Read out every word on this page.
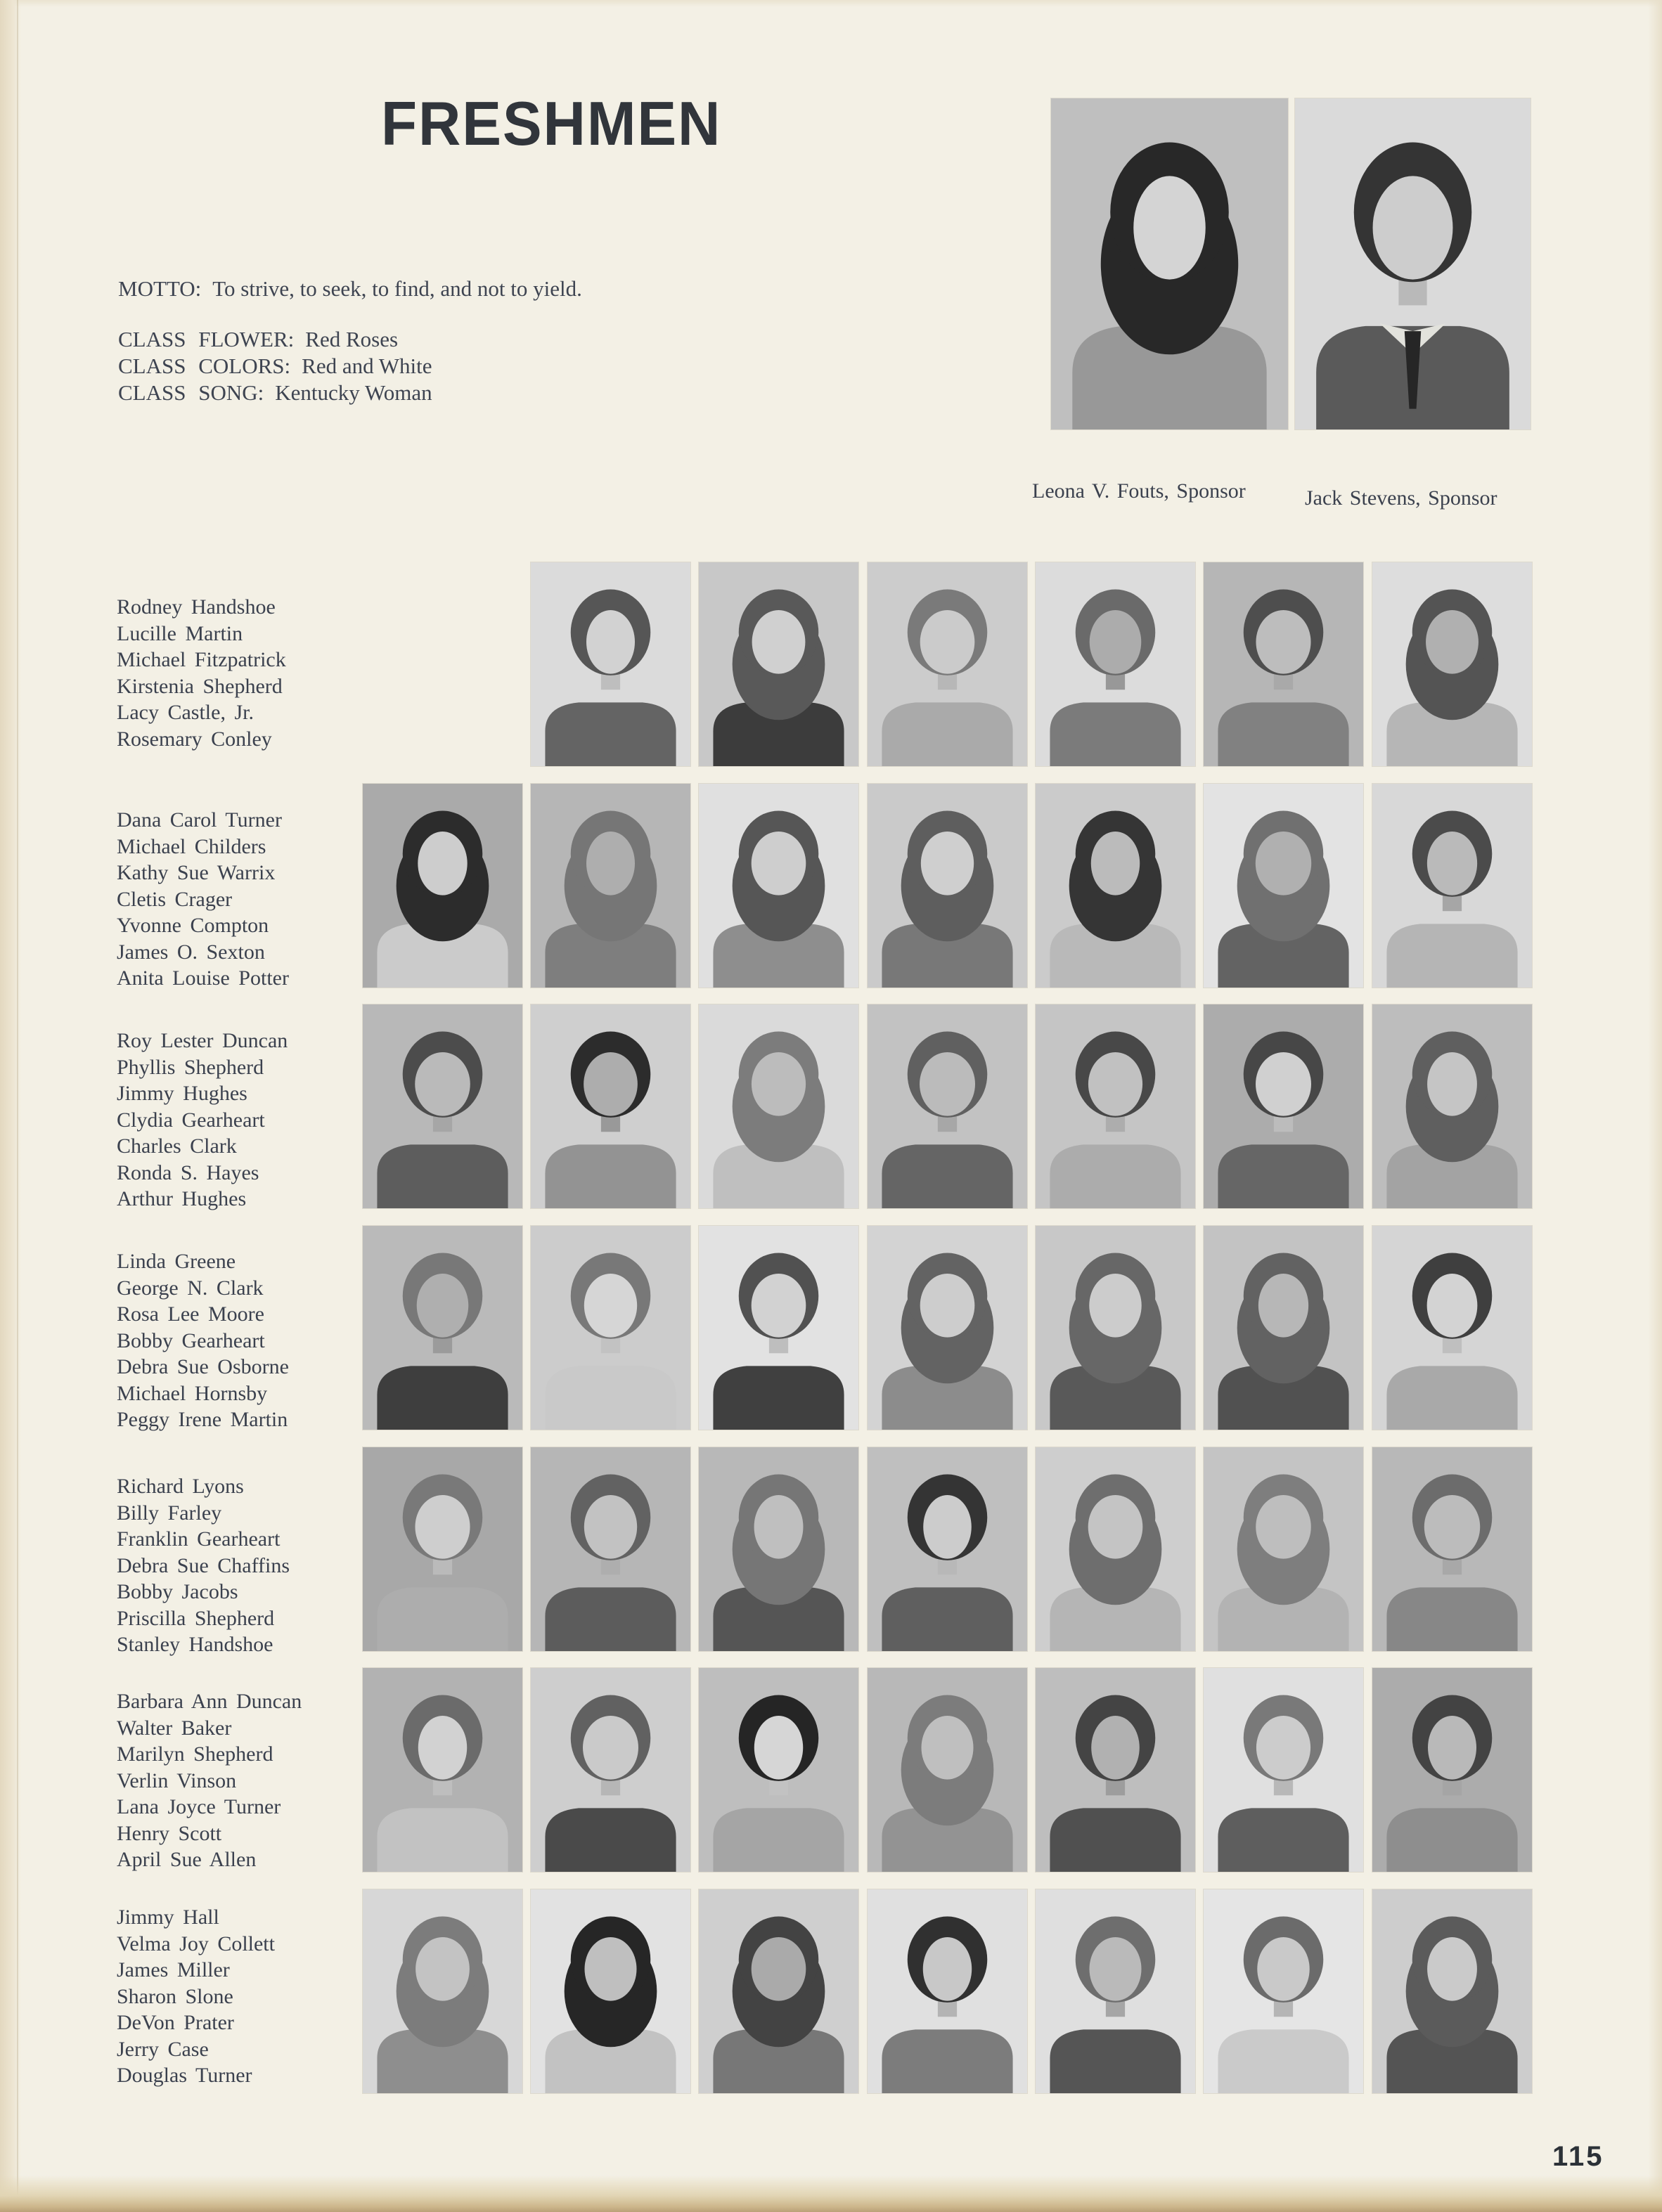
FRESHMEN
MOTTO: To strive, to seek, to find, and not to yield.
CLASS FLOWER: Red Roses
CLASS COLORS: Red and White
CLASS SONG: Kentucky Woman
Leona V. Fouts, Sponsor	Jack Stevens, Sponsor
Rodney Handshoe
Lucille Martin
Michael Fitzpatrick
Kirstenia Shepherd
Lacy Castle, Jr.
Rosemary Conley
Dana Carol Turner
Michael Childers
Kathy Sue Warrix
Cletis Crager
Yvonne Compton
James O. Sexton
Anita Louise Potter
Roy Lester Duncan
Phyllis Shepherd
Jimmy Hughes
Clydia Gearheart
Charles Clark
Ronda S. Hayes
Arthur Hughes
Linda Greene
George N. Clark
Rosa Lee Moore
Bobby Gearheart
Debra Sue Osborne
Michael Hornsby
Peggy Irene Martin
Richard Lyons
Billy Farley
Franklin Gearheart
Debra Sue Chaffins
Bobby Jacobs
Priscilla Shepherd
Stanley Handshoe
Barbara Ann Duncan
Walter Baker
Marilyn Shepherd
Verlin Vinson
Lana Joyce Turner
Henry Scott
April Sue Allen
Jimmy Hall
Velma Joy Collett
James Miller
Sharon Slone
DeVon Prater
Jerry Case
Douglas Turner
115
